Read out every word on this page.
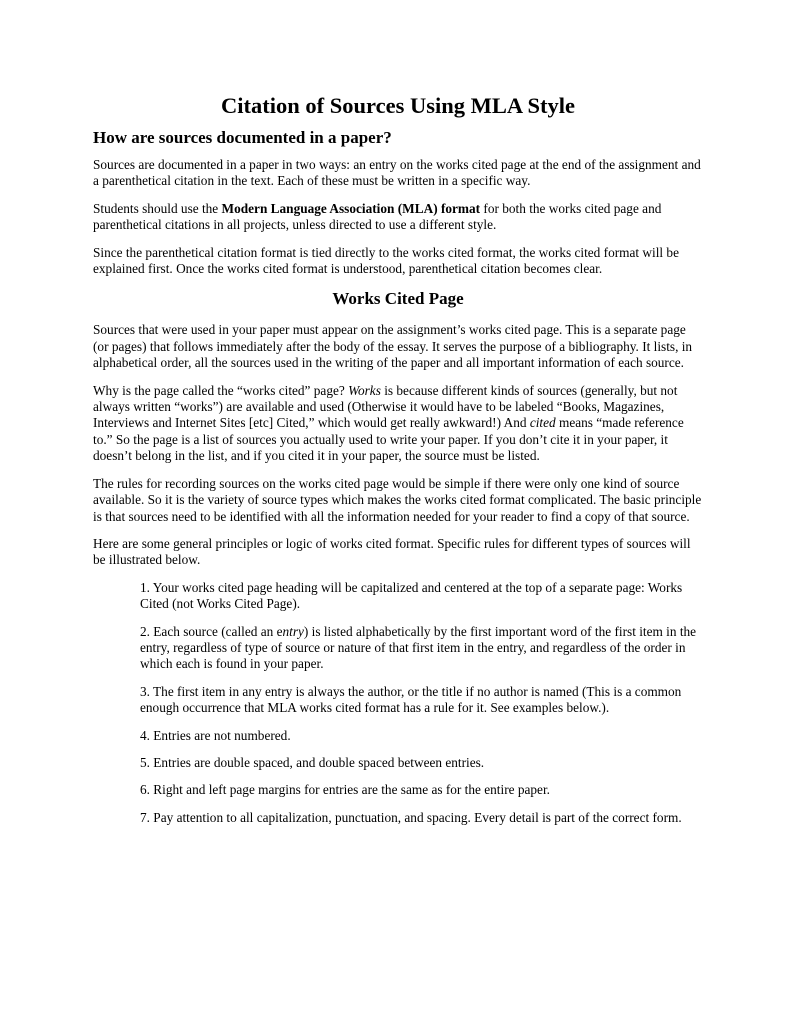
Citation of Sources Using MLA Style
How are sources documented in a paper?

Sources are documented in a paper in two ways: an entry on the works cited page at the end of the assignment and a parenthetical citation in the text. Each of these must be written in a specific way.

Students should use the Modern Language Association (MLA) format for both the works cited page and parenthetical citations in all projects, unless directed to use a different style.

Since the parenthetical citation format is tied directly to the works cited format, the works cited format will be explained first. Once the works cited format is understood, parenthetical citation becomes clear.

Works Cited Page

Sources that were used in your paper must appear on the assignment’s works cited page. This is a separate page (or pages) that follows immediately after the body of the essay. It serves the purpose of a bibliography. It lists, in alphabetical order, all the sources used in the writing of the paper and all important information of each source.

Why is the page called the “works cited” page? Works is because different kinds of sources (generally, but not always written “works”) are available and used (Otherwise it would have to be labeled “Books, Magazines, Interviews and Internet Sites [etc] Cited,” which would get really awkward!) And cited means “made reference to.” So the page is a list of sources you actually used to write your paper. If you don’t cite it in your paper, it doesn’t belong in the list, and if you cited it in your paper, the source must be listed.

The rules for recording sources on the works cited page would be simple if there were only one kind of source available. So it is the variety of source types which makes the works cited format complicated. The basic principle is that sources need to be identified with all the information needed for your reader to find a copy of that source.

Here are some general principles or logic of works cited format. Specific rules for different types of sources will be illustrated below.

1. Your works cited page heading will be capitalized and centered at the top of a separate page: Works Cited (not Works Cited Page).

2. Each source (called an entry) is listed alphabetically by the first important word of the first item in the entry, regardless of type of source or nature of that first item in the entry, and regardless of the order in which each is found in your paper.

3. The first item in any entry is always the author, or the title if no author is named (This is a common enough occurrence that MLA works cited format has a rule for it. See examples below.).

4. Entries are not numbered.

5. Entries are double spaced, and double spaced between entries.

6. Right and left page margins for entries are the same as for the entire paper.

7. Pay attention to all capitalization, punctuation, and spacing. Every detail is part of the correct form.
